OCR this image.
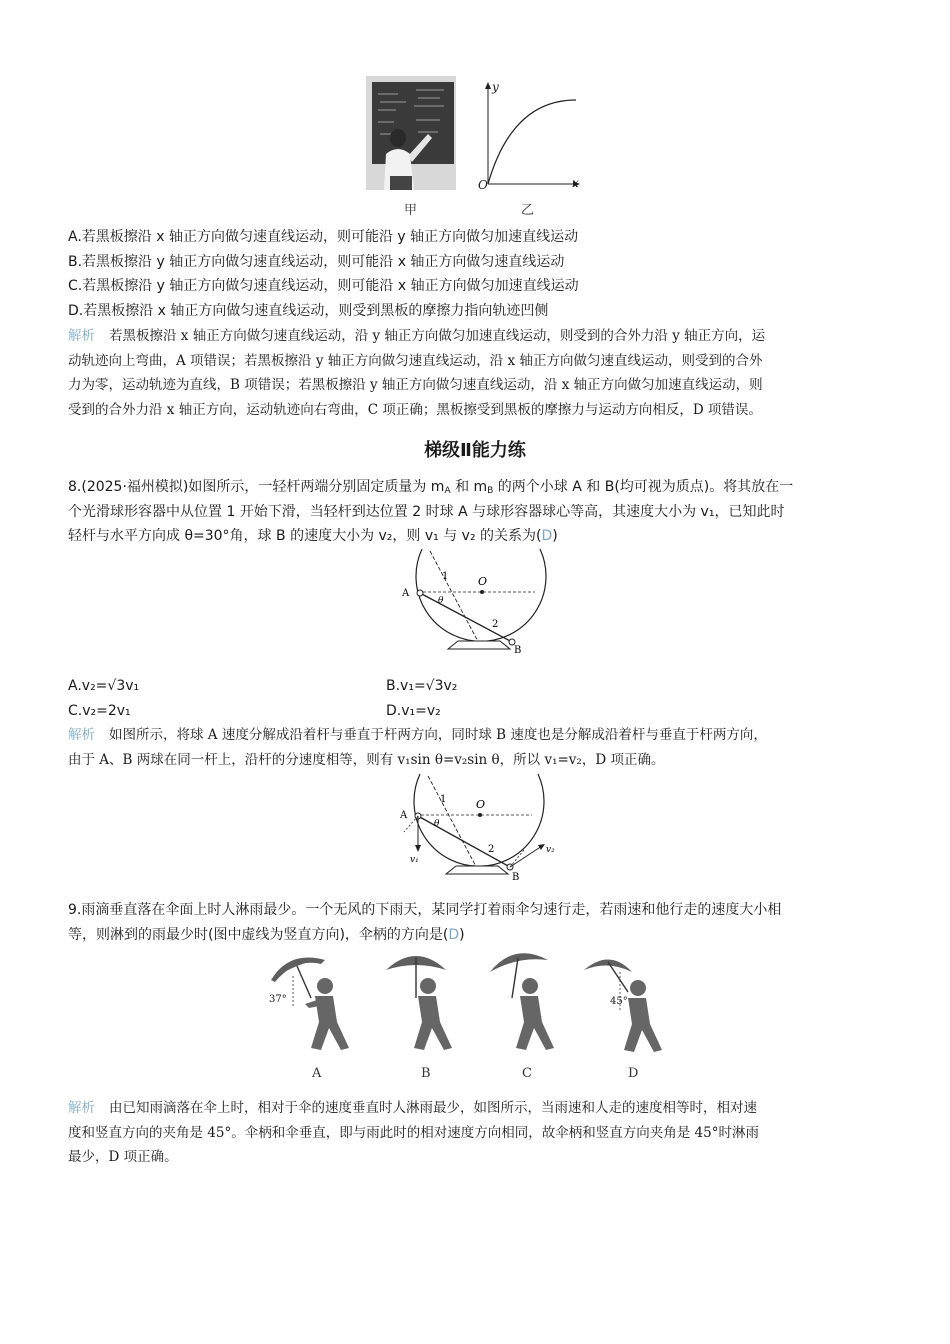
y
x
O
甲	乙
A.若黑板擦沿 x 轴正方向做匀速直线运动，则可能沿 y 轴正方向做匀加速直线运动
B.若黑板擦沿 y 轴正方向做匀速直线运动，则可能沿 x 轴正方向做匀速直线运动
C.若黑板擦沿 y 轴正方向做匀速直线运动，则可能沿 x 轴正方向做匀加速直线运动
D.若黑板擦沿 x 轴正方向做匀速直线运动，则受到黑板的摩擦力指向轨迹凹侧
解析 若黑板擦沿 x 轴正方向做匀速直线运动，沿 y 轴正方向做匀加速直线运动，则受到的合外力沿 y 轴正方向，运
动轨迹向上弯曲，A 项错误；若黑板擦沿 y 轴正方向做匀速直线运动，沿 x 轴正方向做匀速直线运动，则受到的合外
力为零，运动轨迹为直线，B 项错误；若黑板擦沿 y 轴正方向做匀速直线运动，沿 x 轴正方向做匀加速直线运动，则
受到的合外力沿 x 轴正方向，运动轨迹向右弯曲，C 项正确；黑板擦受到黑板的摩擦力与运动方向相反，D 项错误。
梯级Ⅱ能力练
8.(2025·福州模拟)如图所示，一轻杆两端分别固定质量为 $m_A$ 和 $m_B$ 的两个小球 A 和 B(均可视为质点)。将其放在一
个光滑球形容器中从位置 1 开始下滑，当轻杆到达位置 2 时球 A 与球形容器球心等高，其速度大小为 v₁，已知此时
轻杆与水平方向成 θ=30°角，球 B 的速度大小为 v₂，则 v₁ 与 v₂ 的关系为(D)
A
B
O
1
2
θ
A.v₂=√3v₁	B.v₁=√3v₂
C.v₂=2v₁	D.v₁=v₂
解析 如图所示，将球 A 速度分解成沿着杆与垂直于杆两方向，同时球 B 速度也是分解成沿着杆与垂直于杆两方向，
由于 A、B 两球在同一杆上，沿杆的分速度相等，则有 v₁sin θ=v₂sin θ，所以 v₁=v₂，D 项正确。
A
B
O
1
2
θ
v₁
v₂
9.雨滴垂直落在伞面上时人淋雨最少。一个无风的下雨天，某同学打着雨伞匀速行走，若雨速和他行走的速度大小相
等，则淋到的雨最少时(图中虚线为竖直方向)，伞柄的方向是(D)
37°	45°
A	B	C	D
解析 由已知雨滴落在伞上时，相对于伞的速度垂直时人淋雨最少，如图所示，当雨速和人走的速度相等时，相对速
度和竖直方向的夹角是 45°。伞柄和伞垂直，即与雨此时的相对速度方向相同，故伞柄和竖直方向夹角是 45°时淋雨
最少，D 项正确。
